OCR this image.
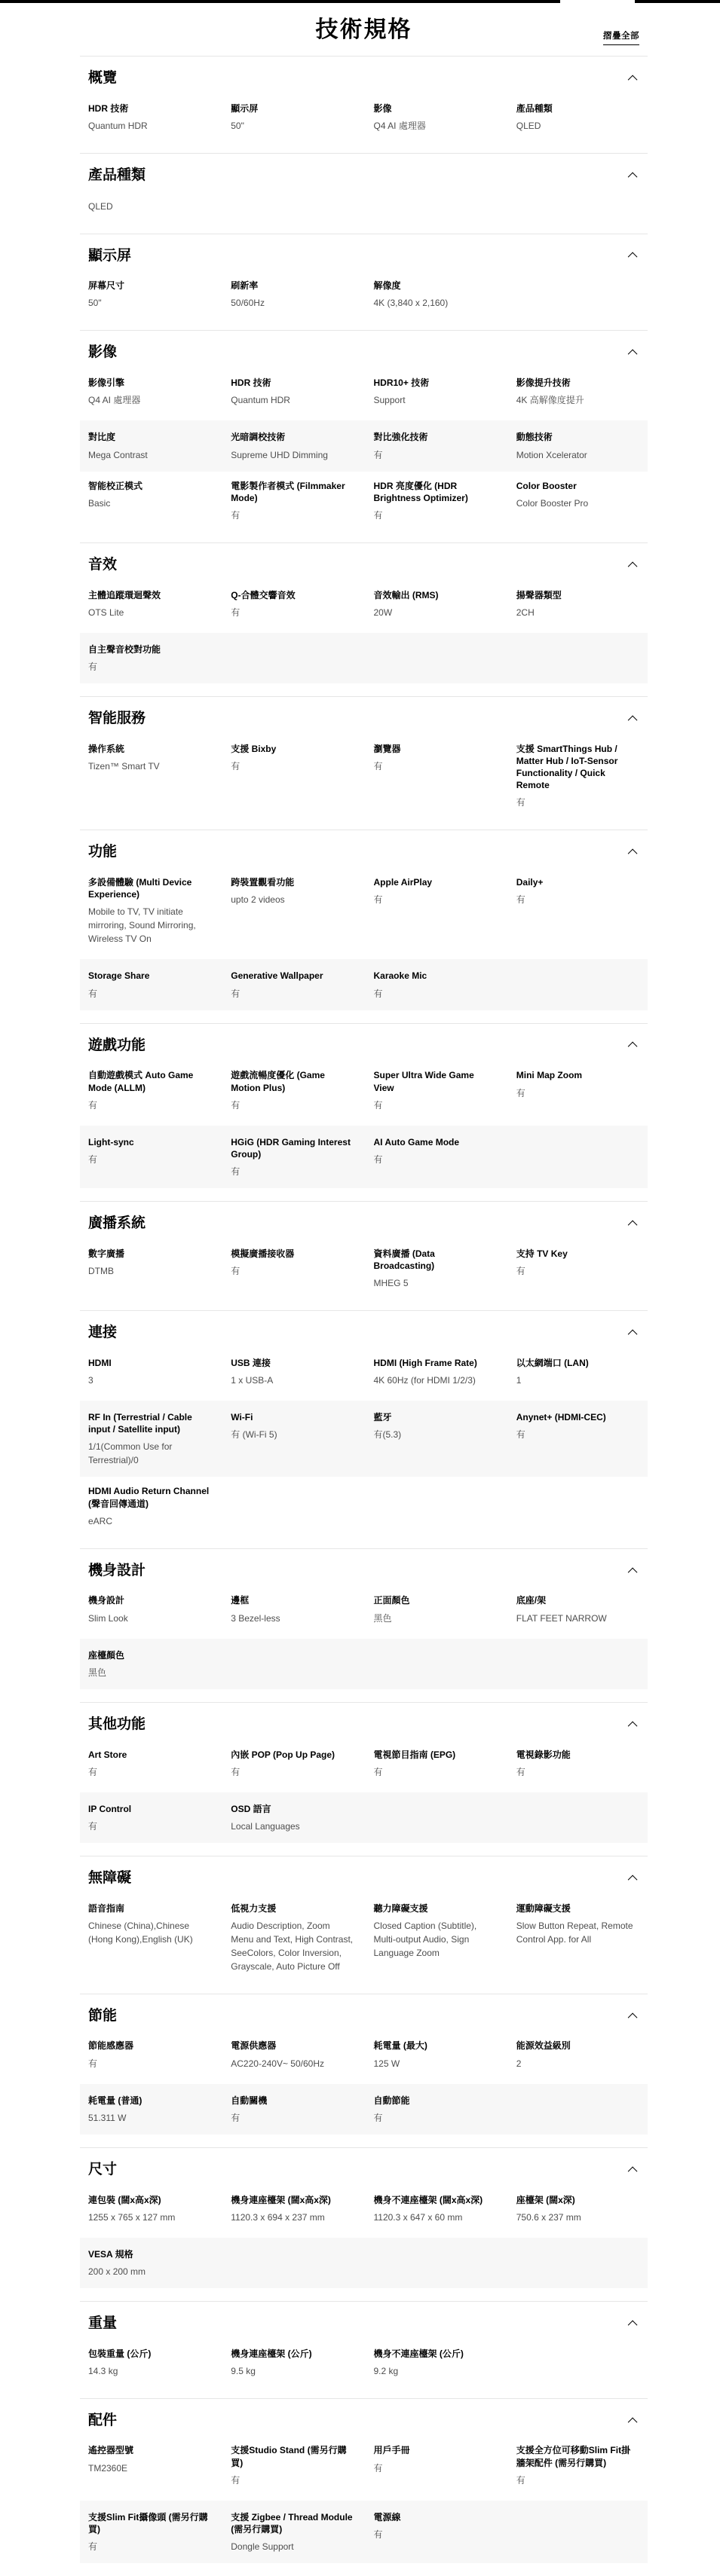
技術規格	摺疊全部
概覽
HDR 技術
Quantum HDR
顯示屏
50"
影像
Q4 AI 處理器
產品種類
QLED
產品種類
QLED
顯示屏
屏幕尺寸
50"
刷新率
50/60Hz
解像度
4K (3,840 x 2,160)
影像
影像引擎
Q4 AI 處理器
HDR 技術
Quantum HDR
HDR10+ 技術
Support
影像提升技術
4K 高解像度提升
對比度
Mega Contrast
光暗調校技術
Supreme UHD Dimming
對比強化技術
有
動態技術
Motion Xcelerator
智能校正模式
Basic
電影製作者模式 (Filmmaker Mode)
有
HDR 亮度優化 (HDR Brightness Optimizer)
有
Color Booster
Color Booster Pro
音效
主體追蹤環迴聲效
OTS Lite
Q-合體交響音效
有
音效輸出 (RMS)
20W
揚聲器類型
2CH
自主聲音校對功能
有
智能服務
操作系統
Tizen™ Smart TV
支援 Bixby
有
瀏覽器
有
支援 SmartThings Hub / Matter Hub / IoT-Sensor Functionality / Quick Remote
有
功能
多設備體驗 (Multi Device Experience)
Mobile to TV, TV initiate mirroring, Sound Mirroring, Wireless TV On
跨裝置觀看功能
upto 2 videos
Apple AirPlay
有
Daily+
有
Storage Share
有
Generative Wallpaper
有
Karaoke Mic
有
遊戲功能
自動遊戲模式 Auto Game Mode (ALLM)
有
遊戲流暢度優化 (Game Motion Plus)
有
Super Ultra Wide Game View
有
Mini Map Zoom
有
Light-sync
有
HGiG (HDR Gaming Interest Group)
有
AI Auto Game Mode
有
廣播系統
數字廣播
DTMB
模擬廣播接收器
有
資料廣播 (Data Broadcasting)
MHEG 5
支持 TV Key
有
連接
HDMI
3
USB 連接
1 x USB-A
HDMI (High Frame Rate)
4K 60Hz (for HDMI 1/2/3)
以太網端口 (LAN)
1
RF In (Terrestrial / Cable input / Satellite input)
1/1(Common Use for Terrestrial)/0
Wi-Fi
有 (Wi-Fi 5)
藍牙
有(5.3)
Anynet+ (HDMI-CEC)
有
HDMI Audio Return Channel (聲音回傳通道)
eARC
機身設計
機身設計
Slim Look
邊框
3 Bezel-less
正面顏色
黑色
底座/架
FLAT FEET NARROW
座檯顏色
黑色
其他功能
Art Store
有
內嵌 POP (Pop Up Page)
有
電視節目指南 (EPG)
有
電視錄影功能
有
IP Control
有
OSD 語言
Local Languages
無障礙
語音指南
Chinese (China),Chinese (Hong Kong),English (UK)
低視力支援
Audio Description, Zoom Menu and Text, High Contrast, SeeColors, Color Inversion, Grayscale, Auto Picture Off
聽力障礙支援
Closed Caption (Subtitle), Multi-output Audio, Sign Language Zoom
運動障礙支援
Slow Button Repeat, Remote Control App. for All
節能
節能感應器
有
電源供應器
AC220-240V~ 50/60Hz
耗電量 (最大)
125 W
能源效益級別
2
耗電量 (普通)
51.311 W
自動關機
有
自動節能
有
尺寸
連包裝 (闊x高x深)
1255 x 765 x 127 mm
機身連座檯架 (闊x高x深)
1120.3 x 694 x 237 mm
機身不連座檯架 (闊x高x深)
1120.3 x 647 x 60 mm
座檯架 (闊x深)
750.6 x 237 mm
VESA 規格
200 x 200 mm
重量
包裝重量 (公斤)
14.3 kg
機身連座檯架 (公斤)
9.5 kg
機身不連座檯架 (公斤)
9.2 kg
配件
遙控器型號
TM2360E
支援Studio Stand (需另行購買)
有
用戶手冊
有
支援全方位可移動Slim Fit掛牆架配件 (需另行購買)
有
支援Slim Fit攝像頭 (需另行購買)
有
支援 Zigbee / Thread Module (需另行購買)
Dongle Support
電源線
有
